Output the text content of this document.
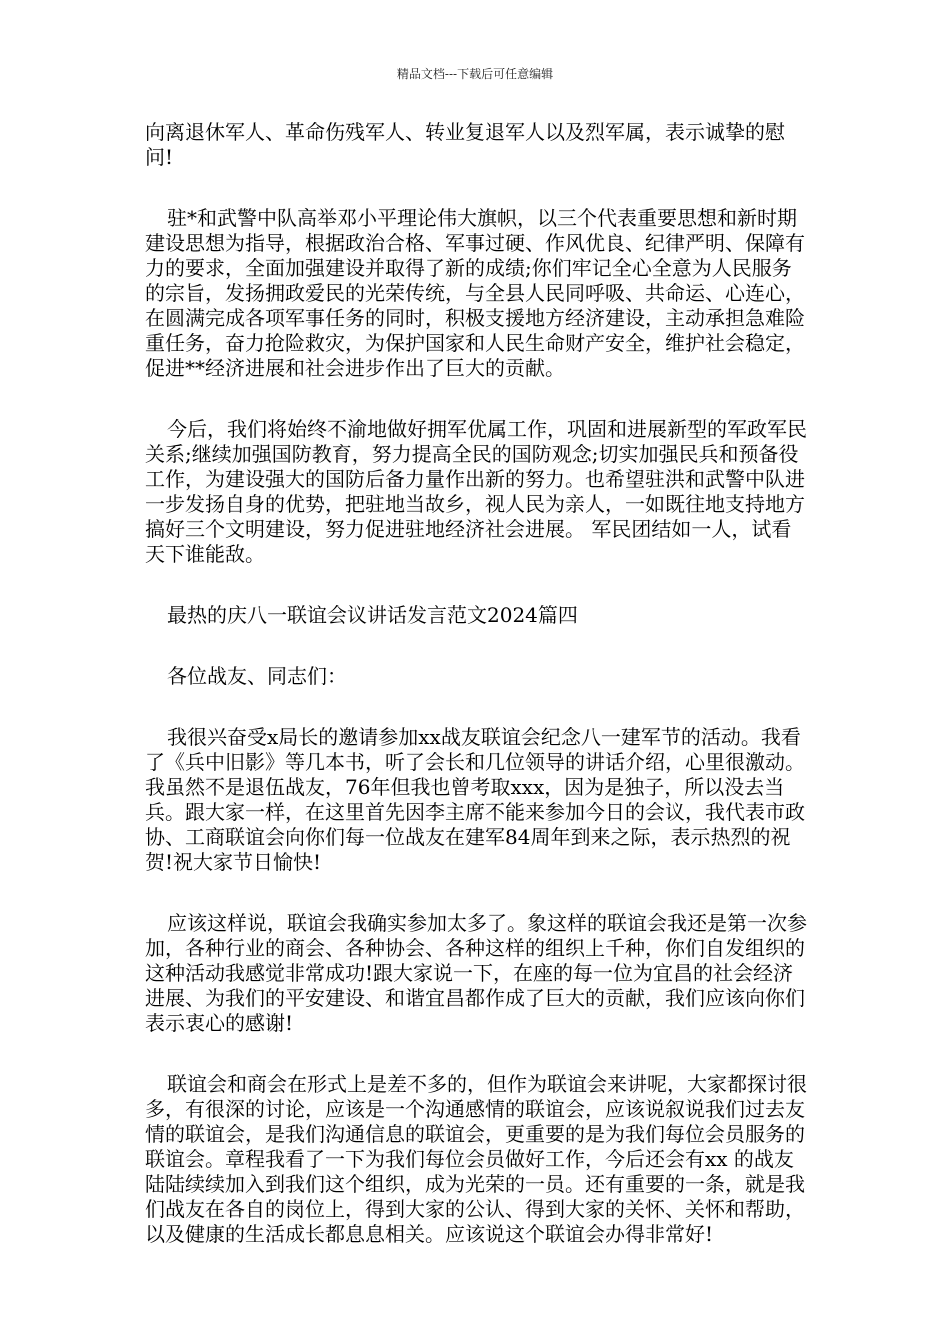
精品文档---下载后可任意编辑

向离退休军人、革命伤残军人、转业复退军人以及烈军属，表示诚挚的慰问!

驻*和武警中队高举邓小平理论伟大旗帜，以三个代表重要思想和新时期建设思想为指导，根据政治合格、军事过硬、作风优良、纪律严明、保障有力的要求，全面加强建设并取得了新的成绩;你们牢记全心全意为人民服务的宗旨，发扬拥政爱民的光荣传统，与全县人民同呼吸、共命运、心连心，在圆满完成各项军事任务的同时，积极支援地方经济建设，主动承担急难险重任务，奋力抢险救灾，为保护国家和人民生命财产安全，维护社会稳定，促进**经济进展和社会进步作出了巨大的贡献。

今后，我们将始终不渝地做好拥军优属工作，巩固和进展新型的军政军民关系;继续加强国防教育，努力提高全民的国防观念;切实加强民兵和预备役工作，为建设强大的国防后备力量作出新的努力。也希望驻洪和武警中队进一步发扬自身的优势，把驻地当故乡，视人民为亲人，一如既往地支持地方搞好三个文明建设，努力促进驻地经济社会进展。 军民团结如一人，试看天下谁能敌。

最热的庆八一联谊会议讲话发言范文2024篇四

各位战友、同志们：

我很兴奋受x局长的邀请参加xx战友联谊会纪念八一建军节的活动。我看了《兵中旧影》等几本书，听了会长和几位领导的讲话介绍，心里很激动。我虽然不是退伍战友，76年但我也曾考取xxx，因为是独子，所以没去当兵。跟大家一样，在这里首先因李主席不能来参加今日的会议，我代表市政协、工商联谊会向你们每一位战友在建军84周年到来之际，表示热烈的祝贺!祝大家节日愉快!

应该这样说，联谊会我确实参加太多了。象这样的联谊会我还是第一次参加，各种行业的商会、各种协会、各种这样的组织上千种，你们自发组织的这种活动我感觉非常成功!跟大家说一下，在座的每一位为宜昌的社会经济进展、为我们的平安建设、和谐宜昌都作成了巨大的贡献，我们应该向你们表示衷心的感谢!

联谊会和商会在形式上是差不多的，但作为联谊会来讲呢，大家都探讨很多，有很深的讨论，应该是一个沟通感情的联谊会，应该说叙说我们过去友情的联谊会，是我们沟通信息的联谊会，更重要的是为我们每位会员服务的联谊会。章程我看了一下为我们每位会员做好工作，今后还会有xx 的战友陆陆续续加入到我们这个组织，成为光荣的一员。还有重要的一条，就是我们战友在各自的岗位上，得到大家的公认、得到大家的关怀、关怀和帮助，以及健康的生活成长都息息相关。应该说这个联谊会办得非常好!
